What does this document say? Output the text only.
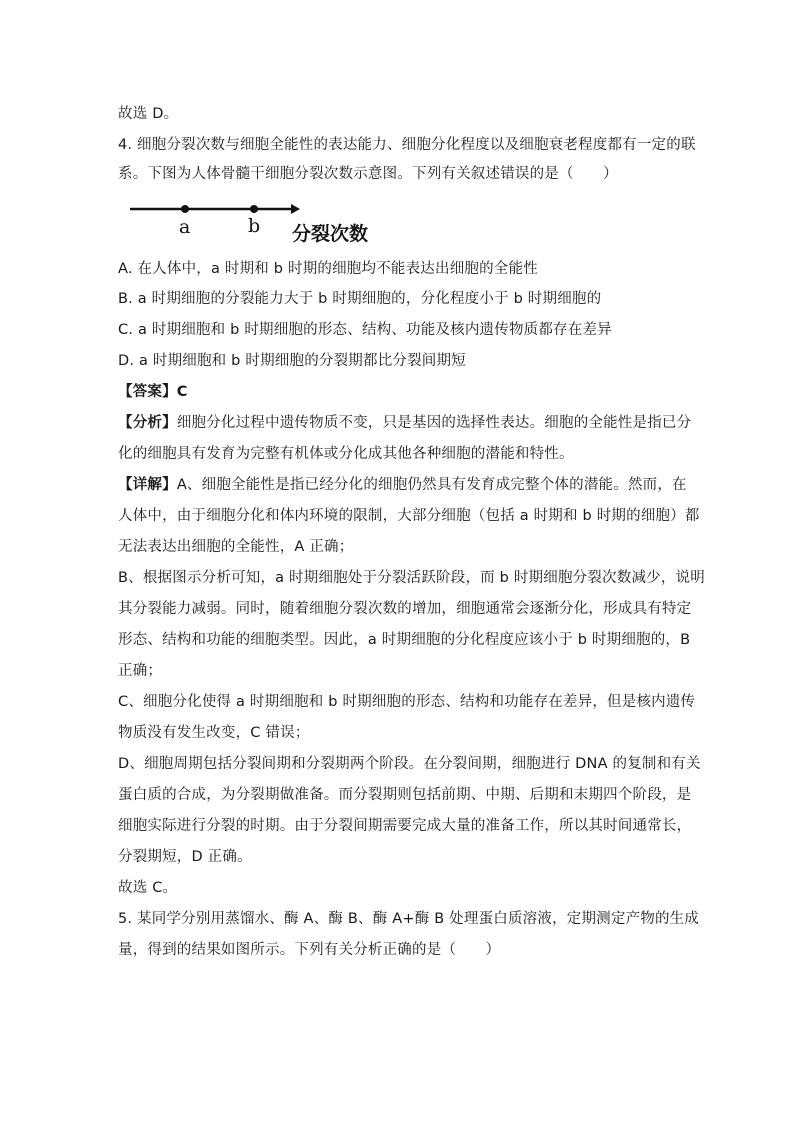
故选 D。
4. 细胞分裂次数与细胞全能性的表达能力、细胞分化程度以及细胞衰老程度都有一定的联
系。下图为人体骨髓干细胞分裂次数示意图。下列有关叙述错误的是（　　）
a	b 分裂次数
A. 在人体中，a 时期和 b 时期的细胞均不能表达出细胞的全能性
B. a 时期细胞的分裂能力大于 b 时期细胞的，分化程度小于 b 时期细胞的
C. a 时期细胞和 b 时期细胞的形态、结构、功能及核内遗传物质都存在差异
D. a 时期细胞和 b 时期细胞的分裂期都比分裂间期短
【答案】C
【分析】细胞分化过程中遗传物质不变，只是基因的选择性表达。细胞的全能性是指已分
化的细胞具有发育为完整有机体或分化成其他各种细胞的潜能和特性。
【详解】A、细胞全能性是指已经分化的细胞仍然具有发育成完整个体的潜能。然而，在
人体中，由于细胞分化和体内环境的限制，大部分细胞（包括 a 时期和 b 时期的细胞）都
无法表达出细胞的全能性，A 正确；
B、根据图示分析可知，a 时期细胞处于分裂活跃阶段，而 b 时期细胞分裂次数减少，说明
其分裂能力减弱。同时，随着细胞分裂次数的增加，细胞通常会逐渐分化，形成具有特定
形态、结构和功能的细胞类型。因此，a 时期细胞的分化程度应该小于 b 时期细胞的，B
正确；
C、细胞分化使得 a 时期细胞和 b 时期细胞的形态、结构和功能存在差异，但是核内遗传
物质没有发生改变，C 错误；
D、细胞周期包括分裂间期和分裂期两个阶段。在分裂间期，细胞进行 DNA 的复制和有关
蛋白质的合成，为分裂期做准备。而分裂期则包括前期、中期、后期和末期四个阶段，是
细胞实际进行分裂的时期。由于分裂间期需要完成大量的准备工作，所以其时间通常长，
分裂期短，D 正确。
故选 C。
5. 某同学分别用蒸馏水、酶 A、酶 B、酶 A+酶 B 处理蛋白质溶液，定期测定产物的生成
量，得到的结果如图所示。下列有关分析正确的是（　　）
